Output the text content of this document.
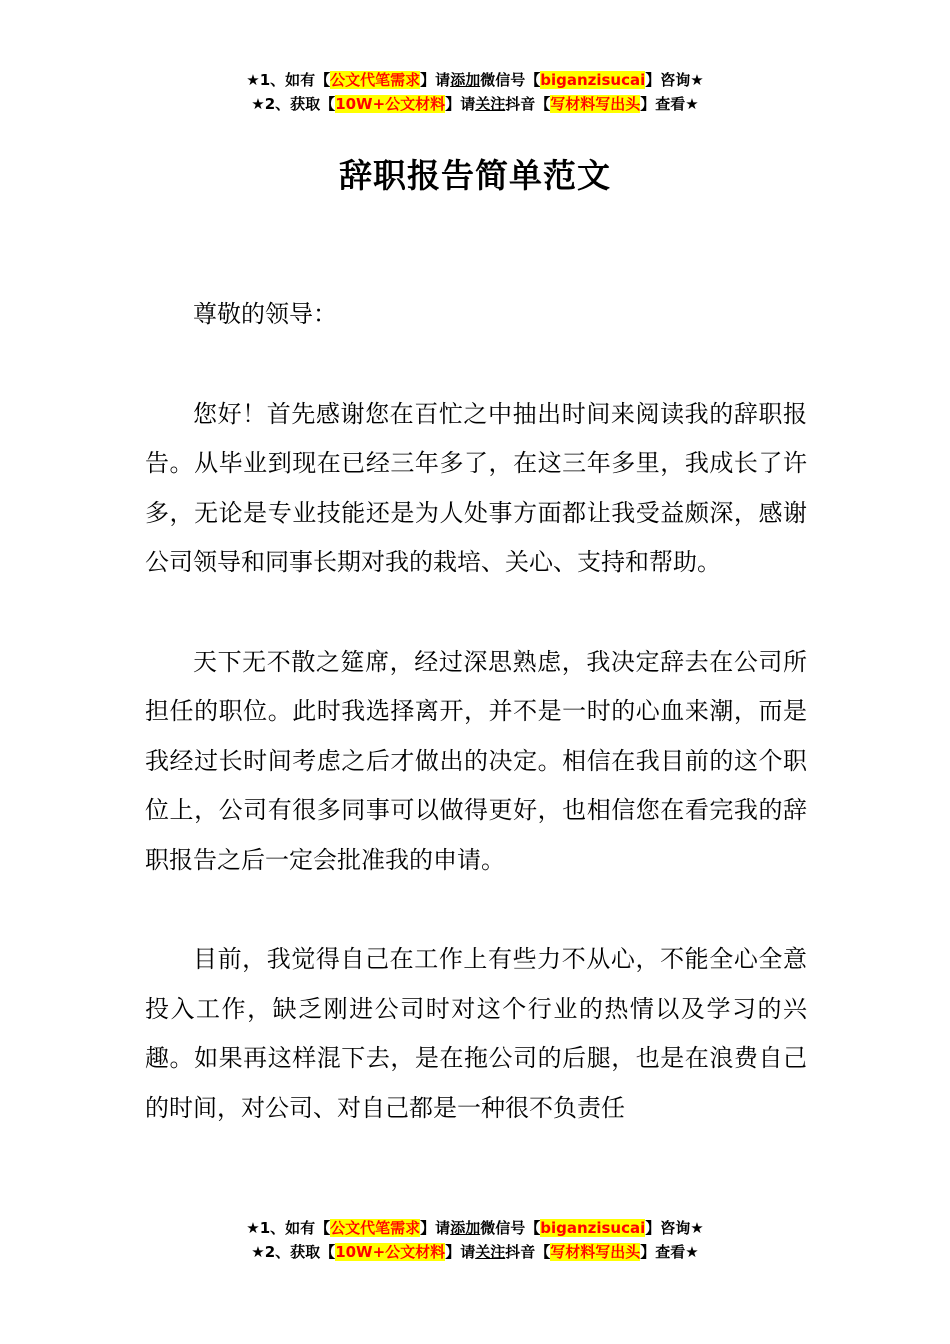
★1、如有【公文代笔需求】请添加微信号【biganzisucai】咨询★
★2、获取【10W+公文材料】请关注抖音【写材料写出头】查看★
辞职报告简单范文

尊敬的领导：

您好！首先感谢您在百忙之中抽出时间来阅读我的辞职报告。从毕业到现在已经三年多了，在这三年多里，我成长了许多，无论是专业技能还是为人处事方面都让我受益颇深，感谢公司领导和同事长期对我的栽培、关心、支持和帮助。

天下无不散之筵席，经过深思熟虑，我决定辞去在公司所担任的职位。此时我选择离开，并不是一时的心血来潮，而是我经过长时间考虑之后才做出的决定。相信在我目前的这个职位上，公司有很多同事可以做得更好，也相信您在看完我的辞职报告之后一定会批准我的申请。

目前，我觉得自己在工作上有些力不从心，不能全心全意投入工作，缺乏刚进公司时对这个行业的热情以及学习的兴趣。如果再这样混下去，是在拖公司的后腿，也是在浪费自己的时间，对公司、对自己都是一种很不负责任

★1、如有【公文代笔需求】请添加微信号【biganzisucai】咨询★
★2、获取【10W+公文材料】请关注抖音【写材料写出头】查看★
